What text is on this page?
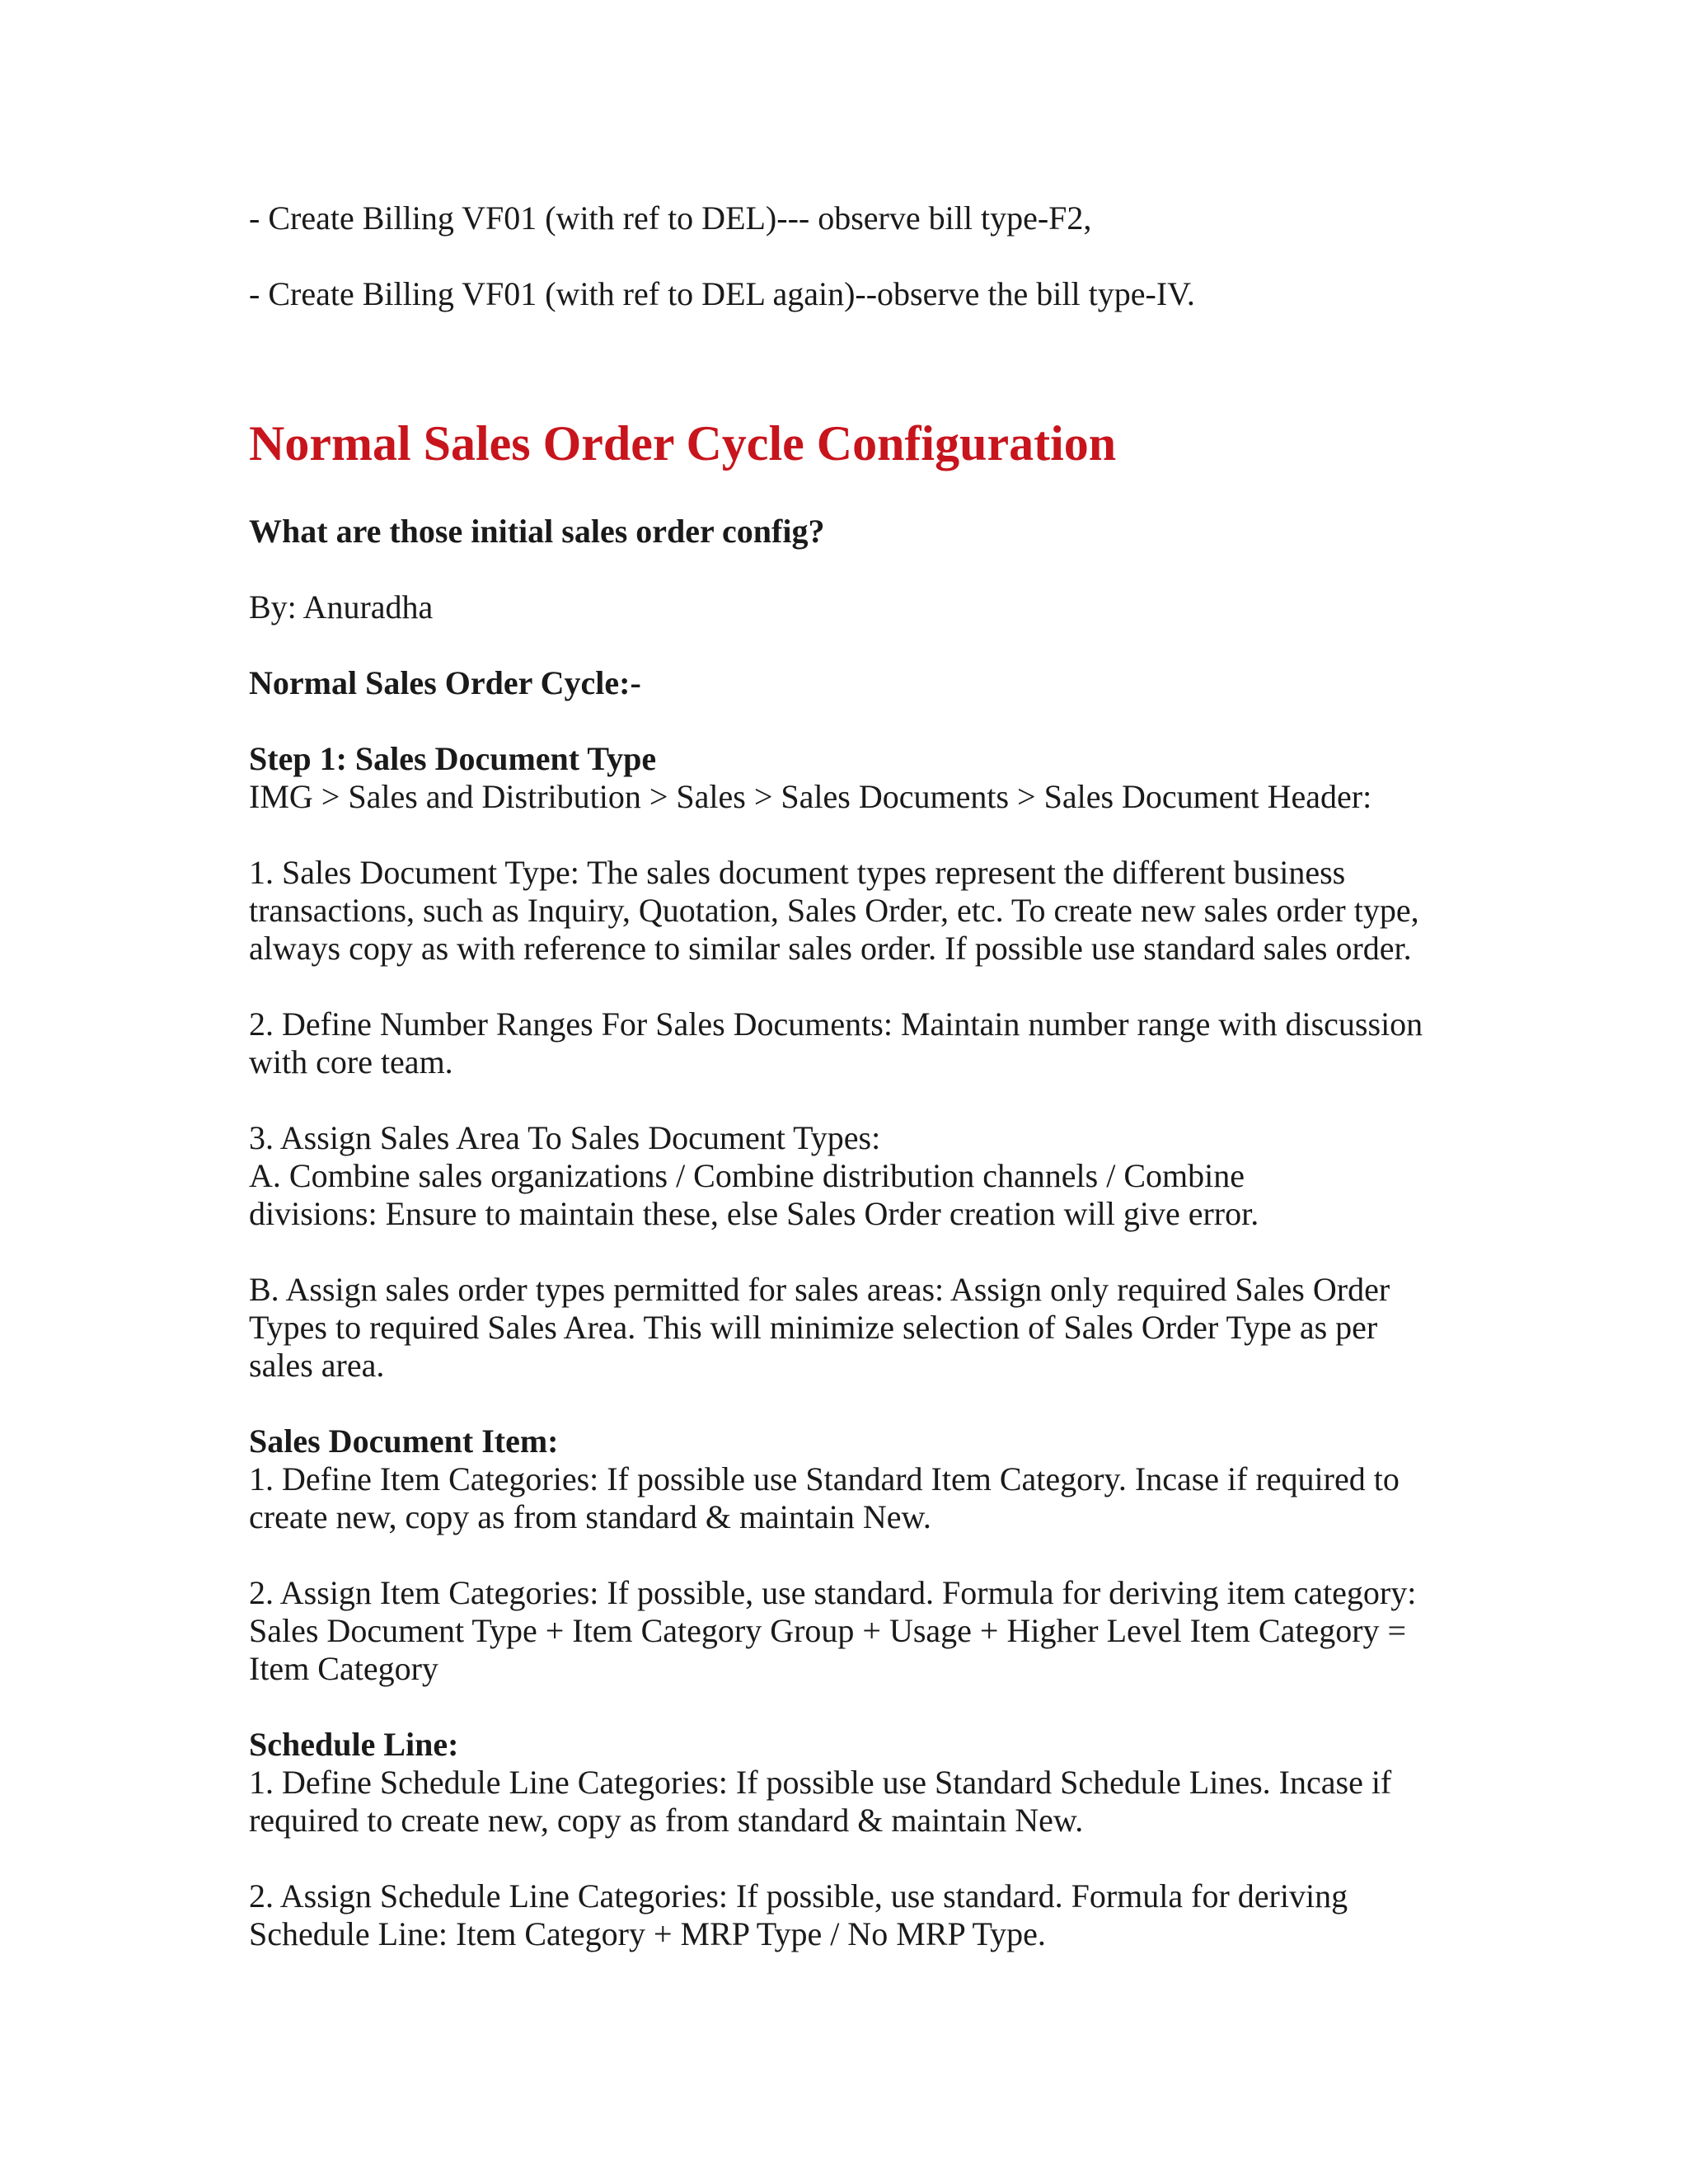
- Create Billing VF01 (with ref to DEL)--- observe bill type-F2,

- Create Billing VF01 (with ref to DEL again)--observe the bill type-IV.

Normal Sales Order Cycle Configuration

What are those initial sales order config?

By: Anuradha

Normal Sales Order Cycle:-

Step 1: Sales Document Type

IMG > Sales and Distribution > Sales > Sales Documents > Sales Document Header:

1. Sales Document Type: The sales document types represent the different business

transactions, such as Inquiry, Quotation, Sales Order, etc. To create new sales order type,

always copy as with reference to similar sales order. If possible use standard sales order.

2. Define Number Ranges For Sales Documents: Maintain number range with discussion

with core team.

3. Assign Sales Area To Sales Document Types:

A. Combine sales organizations / Combine distribution channels / Combine

divisions: Ensure to maintain these, else Sales Order creation will give error.

B. Assign sales order types permitted for sales areas: Assign only required Sales Order

Types to required Sales Area. This will minimize selection of Sales Order Type as per

sales area.

Sales Document Item:

1. Define Item Categories: If possible use Standard Item Category. Incase if required to

create new, copy as from standard & maintain New.

2. Assign Item Categories: If possible, use standard. Formula for deriving item category:

Sales Document Type + Item Category Group + Usage + Higher Level Item Category =

Item Category

Schedule Line:

1. Define Schedule Line Categories: If possible use Standard Schedule Lines. Incase if

required to create new, copy as from standard & maintain New.

2. Assign Schedule Line Categories: If possible, use standard. Formula for deriving

Schedule Line: Item Category + MRP Type / No MRP Type.
